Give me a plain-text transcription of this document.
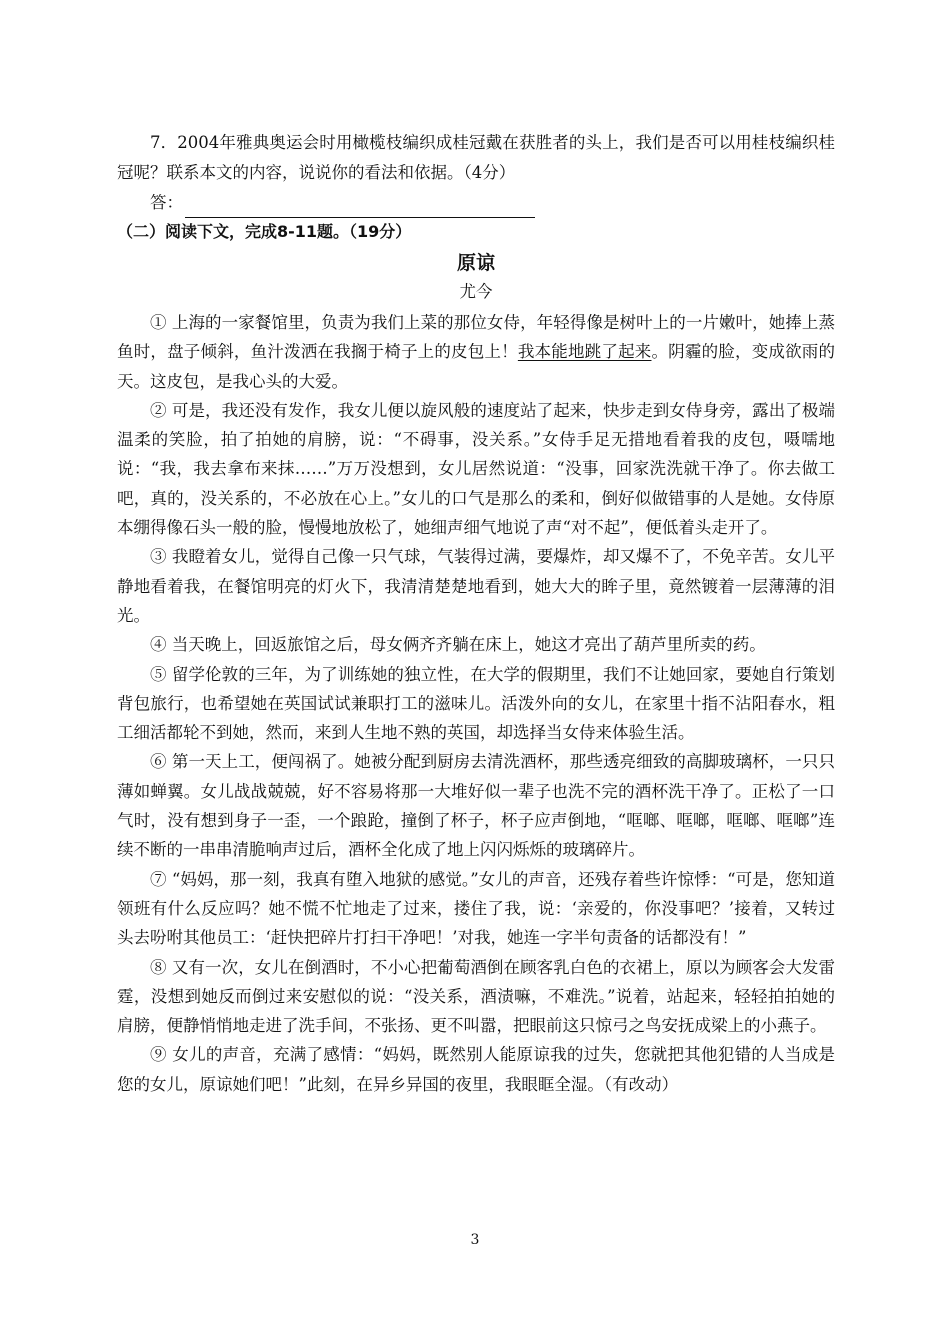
7．2004年雅典奥运会时用橄榄枝编织成桂冠戴在获胜者的头上，我们是否可以用桂枝编织桂冠呢？联系本文的内容，说说你的看法和依据。（4分）

答：

（二）阅读下文，完成8-11题。（19分）

原谅

尤今

① 上海的一家餐馆里，负责为我们上菜的那位女侍，年轻得像是树叶上的一片嫩叶，她捧上蒸鱼时，盘子倾斜，鱼汁泼洒在我搁于椅子上的皮包上！我本能地跳了起来。阴霾的脸，变成欲雨的天。这皮包，是我心头的大爱。

② 可是，我还没有发作，我女儿便以旋风般的速度站了起来，快步走到女侍身旁，露出了极端温柔的笑脸，拍了拍她的肩膀，说：“不碍事，没关系。”女侍手足无措地看着我的皮包，嗫嚅地说：“我，我去拿布来抹……”万万没想到，女儿居然说道：“没事，回家洗洗就干净了。你去做工吧，真的，没关系的，不必放在心上。”女儿的口气是那么的柔和，倒好似做错事的人是她。女侍原本绷得像石头一般的脸，慢慢地放松了，她细声细气地说了声“对不起”，便低着头走开了。

③ 我瞪着女儿，觉得自己像一只气球，气装得过满，要爆炸，却又爆不了，不免辛苦。女儿平静地看着我，在餐馆明亮的灯火下，我清清楚楚地看到，她大大的眸子里，竟然镀着一层薄薄的泪光。

④ 当天晚上，回返旅馆之后，母女俩齐齐躺在床上，她这才亮出了葫芦里所卖的药。

⑤ 留学伦敦的三年，为了训练她的独立性，在大学的假期里，我们不让她回家，要她自行策划背包旅行，也希望她在英国试试兼职打工的滋味儿。活泼外向的女儿，在家里十指不沾阳春水，粗工细活都轮不到她，然而，来到人生地不熟的英国，却选择当女侍来体验生活。

⑥ 第一天上工，便闯祸了。她被分配到厨房去清洗酒杯，那些透亮细致的高脚玻璃杯，一只只薄如蝉翼。女儿战战兢兢，好不容易将那一大堆好似一辈子也洗不完的酒杯洗干净了。正松了一口气时，没有想到身子一歪，一个踉跄，撞倒了杯子，杯子应声倒地，“哐啷、哐啷，哐啷、哐啷”连续不断的一串串清脆响声过后，酒杯全化成了地上闪闪烁烁的玻璃碎片。

⑦ “妈妈，那一刻，我真有堕入地狱的感觉。”女儿的声音，还残存着些许惊悸：“可是，您知道领班有什么反应吗？她不慌不忙地走了过来，搂住了我，说：‘亲爱的，你没事吧？’接着，又转过头去吩咐其他员工：‘赶快把碎片打扫干净吧！’对我，她连一字半句责备的话都没有！”

⑧ 又有一次，女儿在倒酒时，不小心把葡萄酒倒在顾客乳白色的衣裙上，原以为顾客会大发雷霆，没想到她反而倒过来安慰似的说：“没关系，酒渍嘛，不难洗。”说着，站起来，轻轻拍拍她的肩膀，便静悄悄地走进了洗手间，不张扬、更不叫嚣，把眼前这只惊弓之鸟安抚成梁上的小燕子。

⑨ 女儿的声音，充满了感情：“妈妈，既然别人能原谅我的过失，您就把其他犯错的人当成是您的女儿，原谅她们吧！”此刻，在异乡异国的夜里，我眼眶全湿。（有改动）

3
